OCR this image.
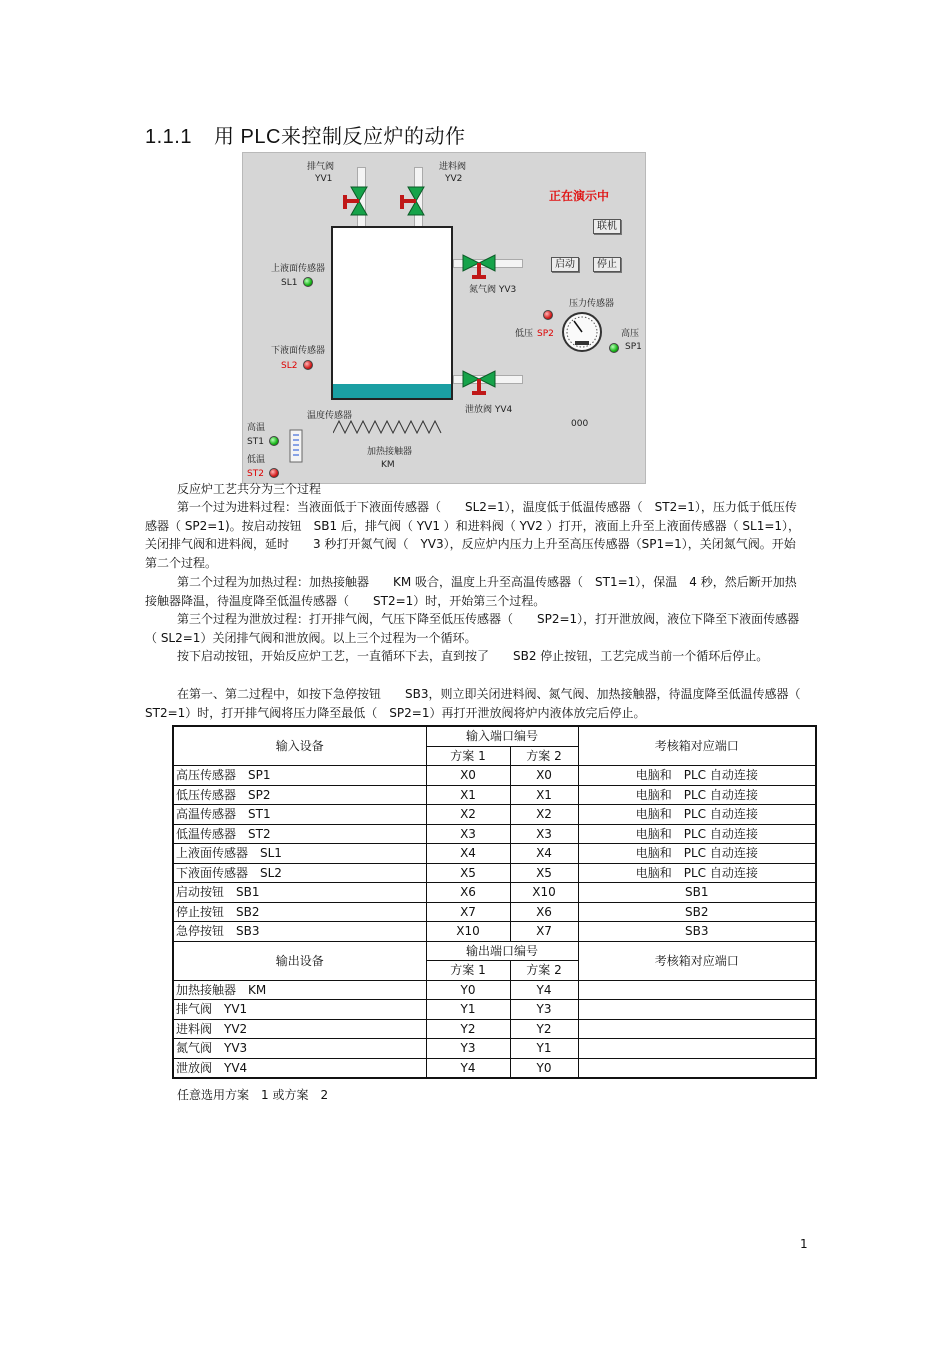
1.1.1 用 PLC来控制反应炉的动作
排气阀
YV1
进料阀
YV2
氮气阀 YV3
泄放阀 YV4
正在演示中
联机
启动	停止
上液面传感器
SL1
下液面传感器
SL2
压力传感器
低压 SP2	高压
SP1
温度传感器
高温
ST1
低温
ST2
加热接触器
KM
000
反应炉工艺共分为三个过程
第一个过为进料过程：当液面低于下液面传感器（　　SL2=1），温度低于低温传感器（　ST2=1），压力低于低压传感器（ SP2=1)。按启动按钮　SB1 后，排气阀（ YV1 ）和进料阀（ YV2 ）打开，液面上升至上液面传感器（ SL1=1），关闭排气阀和进料阀，延时　　3 秒打开氮气阀（　YV3），反应炉内压力上升至高压传感器（SP1=1），关闭氮气阀。开始第二个过程。
第二个过程为加热过程：加热接触器　　KM 吸合，温度上升至高温传感器（　ST1=1），保温　4 秒，然后断开加热接触器降温，待温度降至低温传感器（　　ST2=1）时，开始第三个过程。
第三个过程为泄放过程：打开排气阀，气压下降至低压传感器（　　SP2=1），打开泄放阀，液位下降至下液面传感器（ SL2=1）关闭排气阀和泄放阀。以上三个过程为一个循环。
按下启动按钮，开始反应炉工艺，一直循环下去，直到按了　　SB2 停止按钮，工艺完成当前一个循环后停止。
在第一、第二过程中，如按下急停按钮　　SB3，则立即关闭进料阀、氮气阀、加热接触器，待温度降至低温传感器（ ST2=1）时，打开排气阀将压力降至最低（　SP2=1）再打开泄放阀将炉内液体放完后停止。
输入设备	输入端口编号		考核箱对应端口
	方案 1	方案 2	
高压传感器　SP1	X0	X0	电脑和　PLC 自动连接
低压传感器　SP2	X1	X1	电脑和　PLC 自动连接
高温传感器　ST1	X2	X2	电脑和　PLC 自动连接
低温传感器　ST2	X3	X3	电脑和　PLC 自动连接
上液面传感器　SL1	X4	X4	电脑和　PLC 自动连接
下液面传感器　SL2	X5	X5	电脑和　PLC 自动连接
启动按钮　SB1	X6	X10	SB1
停止按钮　SB2	X7	X6	SB2
急停按钮　SB3	X10	X7	SB3
输出设备	输出端口编号		考核箱对应端口
	方案 1	方案 2	
加热接触器　KM	Y0	Y4	
排气阀　YV1	Y1	Y3	
进料阀　YV2	Y2	Y2	
氮气阀　YV3	Y3	Y1	
泄放阀　YV4	Y4	Y0	
任意选用方案　1 或方案　2
1
